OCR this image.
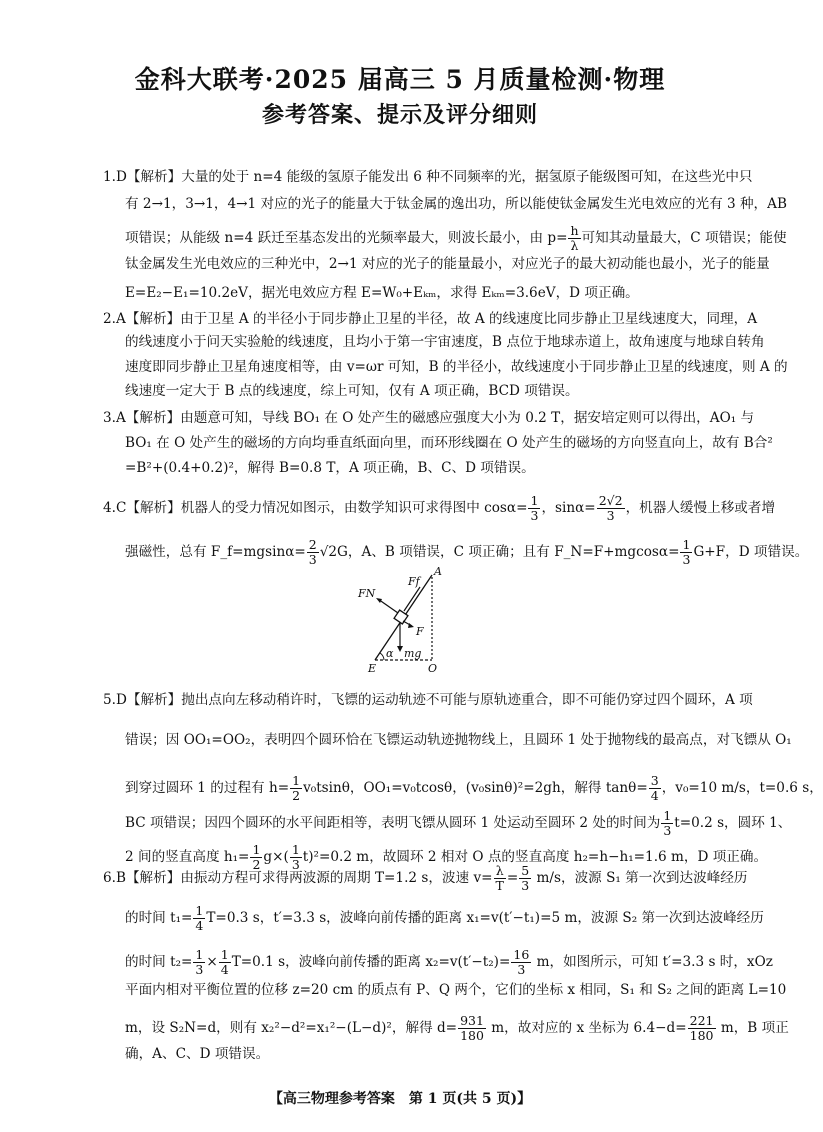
金科大联考·2025 届高三 5 月质量检测·物理
参考答案、提示及评分细则
1.D【解析】大量的处于 n=4 能级的氢原子能发出 6 种不同频率的光，据氢原子能级图可知，在这些光中只
有 2→1，3→1，4→1 对应的光子的能量大于钛金属的逸出功，所以能使钛金属发生光电效应的光有 3 种，AB
项错误；从能级 n=4 跃迁至基态发出的光频率最大，则波长最小，由 $p= \frac{h}{\lambda}$ 可知其动量最大，C 项错误；能使
钛金属发生光电效应的三种光中，2→1 对应的光子的能量最小，对应光子的最大初动能也最小，光子的能量
E=E₂−E₁=10.2eV，据光电效应方程 E=W₀+Eₖₘ，求得 Eₖₘ=3.6eV，D 项正确。
2.A【解析】由于卫星 A 的半径小于同步静止卫星的半径，故 A 的线速度比同步静止卫星线速度大，同理，A
的线速度小于问天实验舱的线速度，且均小于第一宇宙速度，B 点位于地球赤道上，故角速度与地球自转角
速度即同步静止卫星角速度相等，由 v=ωr 可知，B 的半径小，故线速度小于同步静止卫星的线速度，则 A 的
线速度一定大于 B 点的线速度，综上可知，仅有 A 项正确，BCD 项错误。
3.A【解析】由题意可知，导线 BO₁ 在 O 处产生的磁感应强度大小为 0.2 T，据安培定则可以得出，AO₁ 与
BO₁ 在 O 处产生的磁场的方向均垂直纸面向里，而环形线圈在 O 处产生的磁场的方向竖直向上，故有 B合²
=B²+(0.4+0.2)²，解得 B=0.8 T，A 项正确，B、C、D 项错误。
4.C【解析】机器人的受力情况如图示，由数学知识可求得图中 $\cos\alpha= \frac{1}{3}$ ，$\sin\alpha= \frac{2√2}{3}$ ，机器人缓慢上移或者增
强磁性，总有 F_f=mgsinα= $\frac{2}{3} √2G$，A、B 项错误，C 项正确；且有 F_N=F+mgcosα= $\frac{1}{3} G+F$，D 项错误。
5.D【解析】抛出点向左移动稍许时，飞镖的运动轨迹不可能与原轨迹重合，即不可能仍穿过四个圆环，A 项
错误；因 OO₁=OO₂，表明四个圆环恰在飞镖运动轨迹抛物线上，且圆环 1 处于抛物线的最高点，对飞镖从 O₁
到穿过圆环 1 的过程有 $h= \frac{1}{2} v_0tsin\theta$，OO₁=v₀tcosθ，(v₀sinθ)²=2gh，解得 $\tan\theta= \frac{3}{4}$ ，v₀=10 m/s，t=0.6 s，
BC 项错误；因四个圆环的水平间距相等，表明飞镖从圆环 1 处运动至圆环 2 处的时间为 $\frac{1}{3} t=0.2$ s，圆环 1、
2 间的竖直高度 $h_1= \frac{1}{2} g\times( \frac{1}{3} t)^2=0.2$ m，故圆环 2 相对 O 点的竖直高度 h₂=h−h₁=1.6 m，D 项正确。
6.B【解析】由振动方程可求得两波源的周期 T=1.2 s，波速 $v= \frac{\lambda}{T} = \frac{5}{3} m/s$，波源 S₁ 第一次到达波峰经历
的时间 $t_1= \frac{1}{4} T=0.3$ s，t′=3.3 s，波峰向前传播的距离 x₁=v(t′−t₁)=5 m，波源 S₂ 第一次到达波峰经历
的时间 $t_2= \frac{1}{3} \times \frac{1}{4} T=0.1$ s，波峰向前传播的距离 $x_2=v(t'-t_2)= \frac{16}{3}$ m，如图所示，可知 t′=3.3 s 时，xOz
平面内相对平衡位置的位移 z=20 cm 的质点有 P、Q 两个，它们的坐标 x 相同，S₁ 和 S₂ 之间的距离 L=10
m，设 S₂N=d，则有 x₂²−d²=x₁²−(L−d)²，解得 $d= \frac{931}{180}$ m，故对应的 x 坐标为 $6.4-d= \frac{221}{180}$ m，B 项正
确，A、C、D 项错误。
A
Ff
FN
F
mg
α
E	O
【高三物理参考答案　第 1 页(共 5 页)】
